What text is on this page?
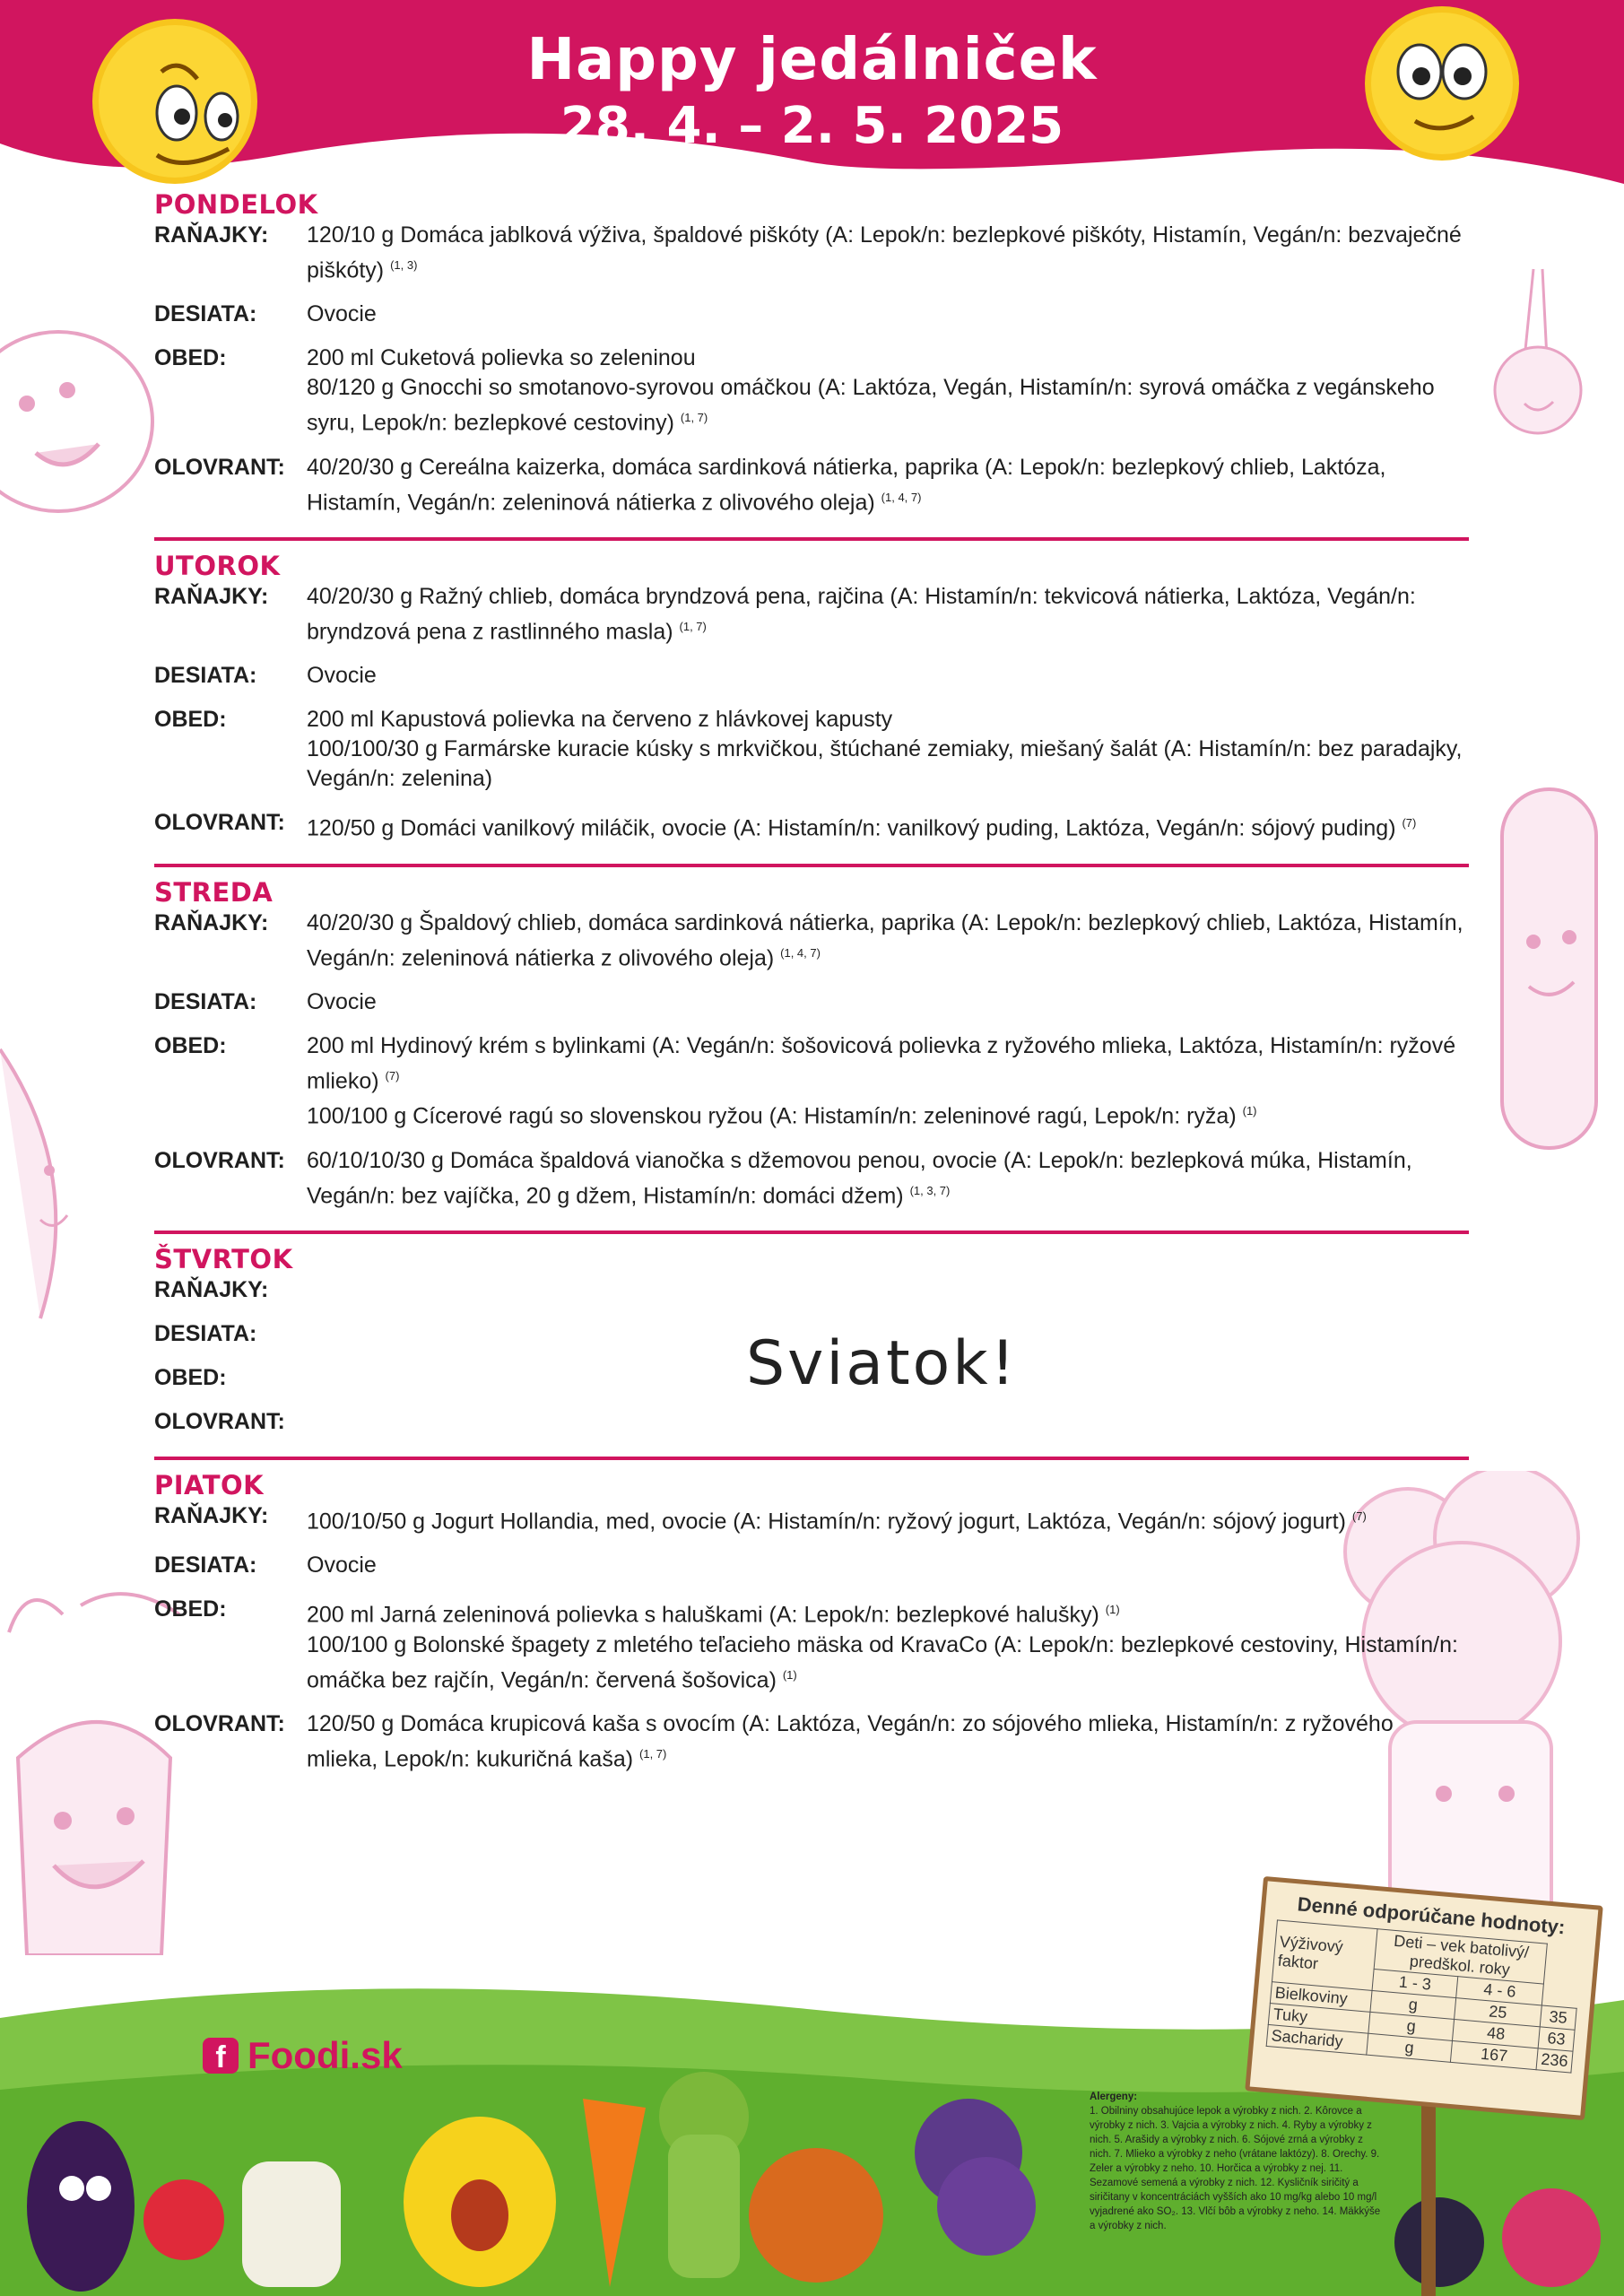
Happy jedálniček
28. 4. – 2. 5. 2025
PONDELOK
RAŇAJKY:	120/10 g Domáca jablková výživa, špaldové piškóty (A: Lepok/n: bezlepkové piškóty, Histamín, Vegán/n: bezvaječné piškóty) $^{(1, 3)}$
DESIATA:	Ovocie
OBED:	200 ml Cuketová polievka so zeleninou
80/120 g Gnocchi so smotanovo-syrovou omáčkou (A: Laktóza, Vegán, Histamín/n: syrová omáčka z vegánskeho syru, Lepok/n: bezlepkové cestoviny) $^{(1, 7)}$
OLOVRANT: 40/20/30 g Cereálna kaizerka, domáca sardinková nátierka, paprika (A: Lepok/n: bezlepkový chlieb, Laktóza, Histamín, Vegán/n: zeleninová nátierka z olivového oleja) $^{(1, 4, 7)}$
UTOROK
RAŇAJKY:	40/20/30 g Ražný chlieb, domáca bryndzová pena, rajčina (A: Histamín/n: tekvicová nátierka, Laktóza, Vegán/n: bryndzová pena z rastlinného masla) $^{(1, 7)}$
DESIATA:	Ovocie
OBED:	200 ml Kapustová polievka na červeno z hlávkovej kapusty
100/100/30 g Farmárske kuracie kúsky s mrkvičkou, štúchané zemiaky, miešaný šalát (A: Histamín/n: bez paradajky, Vegán/n: zelenina)
OLOVRANT: 120/50 g Domáci vanilkový miláčik, ovocie (A: Histamín/n: vanilkový puding, Laktóza, Vegán/n: sójový puding) $^{(7)}$
STREDA
RAŇAJKY:	40/20/30 g Špaldový chlieb, domáca sardinková nátierka, paprika (A: Lepok/n: bezlepkový chlieb, Laktóza, Histamín, Vegán/n: zeleninová nátierka z olivového oleja) $^{(1, 4, 7)}$
DESIATA:	Ovocie
OBED:	200 ml Hydinový krém s bylinkami (A: Vegán/n: šošovicová polievka z ryžového mlieka, Laktóza, Histamín/n: ryžové mlieko) $^{(7)}$
100/100 g Cícerové ragú so slovenskou ryžou (A: Histamín/n: zeleninové ragú, Lepok/n: ryža) $^{(1)}$
OLOVRANT: 60/10/10/30 g Domáca špaldová vianočka s džemovou penou, ovocie (A: Lepok/n: bezlepková múka, Histamín, Vegán/n: bez vajíčka, 20 g džem, Histamín/n: domáci džem) $^{(1, 3, 7)}$
ŠTVRTOK
RAŇAJKY:
DESIATA:
OBED:
OLOVRANT:
Sviatok!
PIATOK
RAŇAJKY:	100/10/50 g Jogurt Hollandia, med, ovocie (A: Histamín/n: ryžový jogurt, Laktóza, Vegán/n: sójový jogurt) $^{(7)}$
DESIATA:	Ovocie
OBED:	200 ml Jarná zeleninová polievka s haluškami (A: Lepok/n: bezlepkové halušky) $^{(1)}$
100/100 g Bolonské špagety z mletého teľacieho mäska od KravaCo (A: Lepok/n: bezlepkové cestoviny, Histamín/n: omáčka bez rajčín, Vegán/n: červená šošovica) $^{(1)}$
OLOVRANT: 120/50 g Domáca krupicová kaša s ovocím (A: Laktóza, Vegán/n: zo sójového mlieka, Histamín/n: z ryžového mlieka, Lepok/n: kukuričná kaša) $^{(1, 7)}$
f Foodi.sk
Alergeny:
1. Obilniny obsahujúce lepok a výrobky z nich. 2. Kôrovce a výrobky z nich. 3. Vajcia a výrobky z nich. 4. Ryby a výrobky z nich. 5. Arašidy a výrobky z nich. 6. Sójové zrná a výrobky z nich. 7. Mlieko a výrobky z neho (vrátane laktózy). 8. Orechy. 9. Zeler a výrobky z neho. 10. Horčica a výrobky z nej. 11. Sezamové semená a výrobky z nich. 12. Kysličník siričitý a siričitany v koncentráciách vyšších ako 10 mg/kg alebo 10 mg/l vyjadrené ako SO₂. 13. Vlčí bôb a výrobky z neho. 14. Mäkkýše a výrobky z nich.
Denné odporúčane hodnoty:
Výživový faktor	Deti – vek batolivý/ predškol. roky		
	1 - 3	4 - 6	
Bielkoviny	g	25	35
Tuky	g	48	63
Sacharidy	g	167	236
